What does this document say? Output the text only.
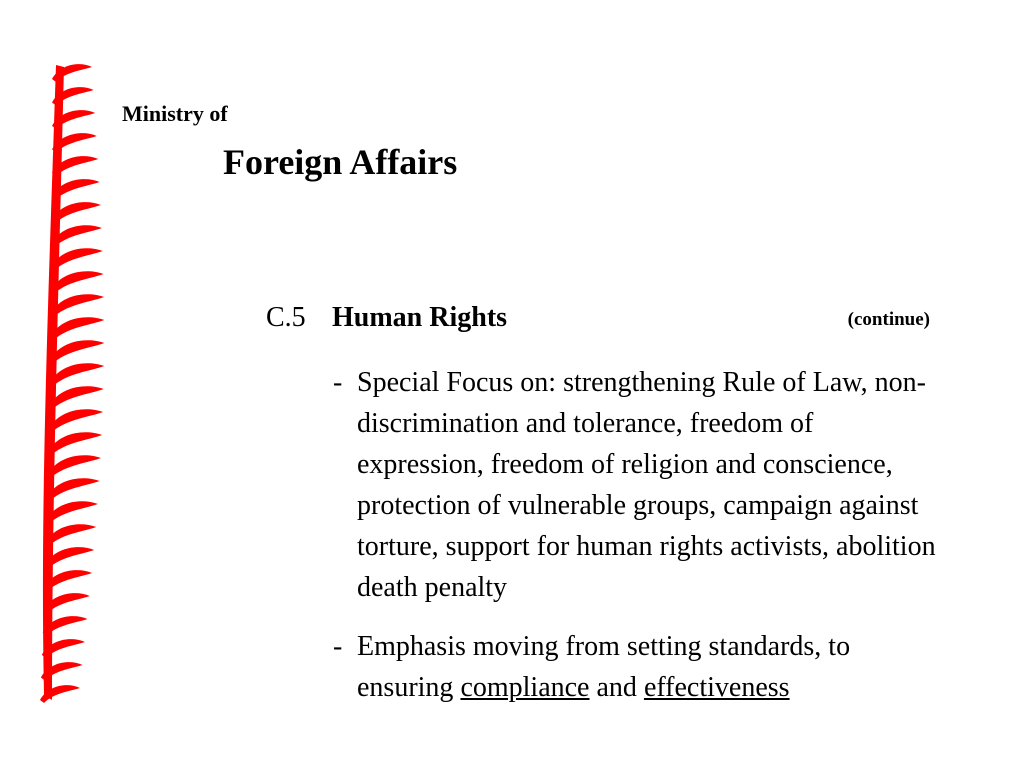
Ministry of
Foreign Affairs
C.5 Human Rights	(continue)
- Special Focus on: strengthening Rule of Law, non-discrimination and tolerance, freedom of expression, freedom of religion and conscience, protection of vulnerable groups, campaign against torture, support for human rights activists, abolition death penalty
- Emphasis moving from setting standards, to ensuring compliance and effectiveness
